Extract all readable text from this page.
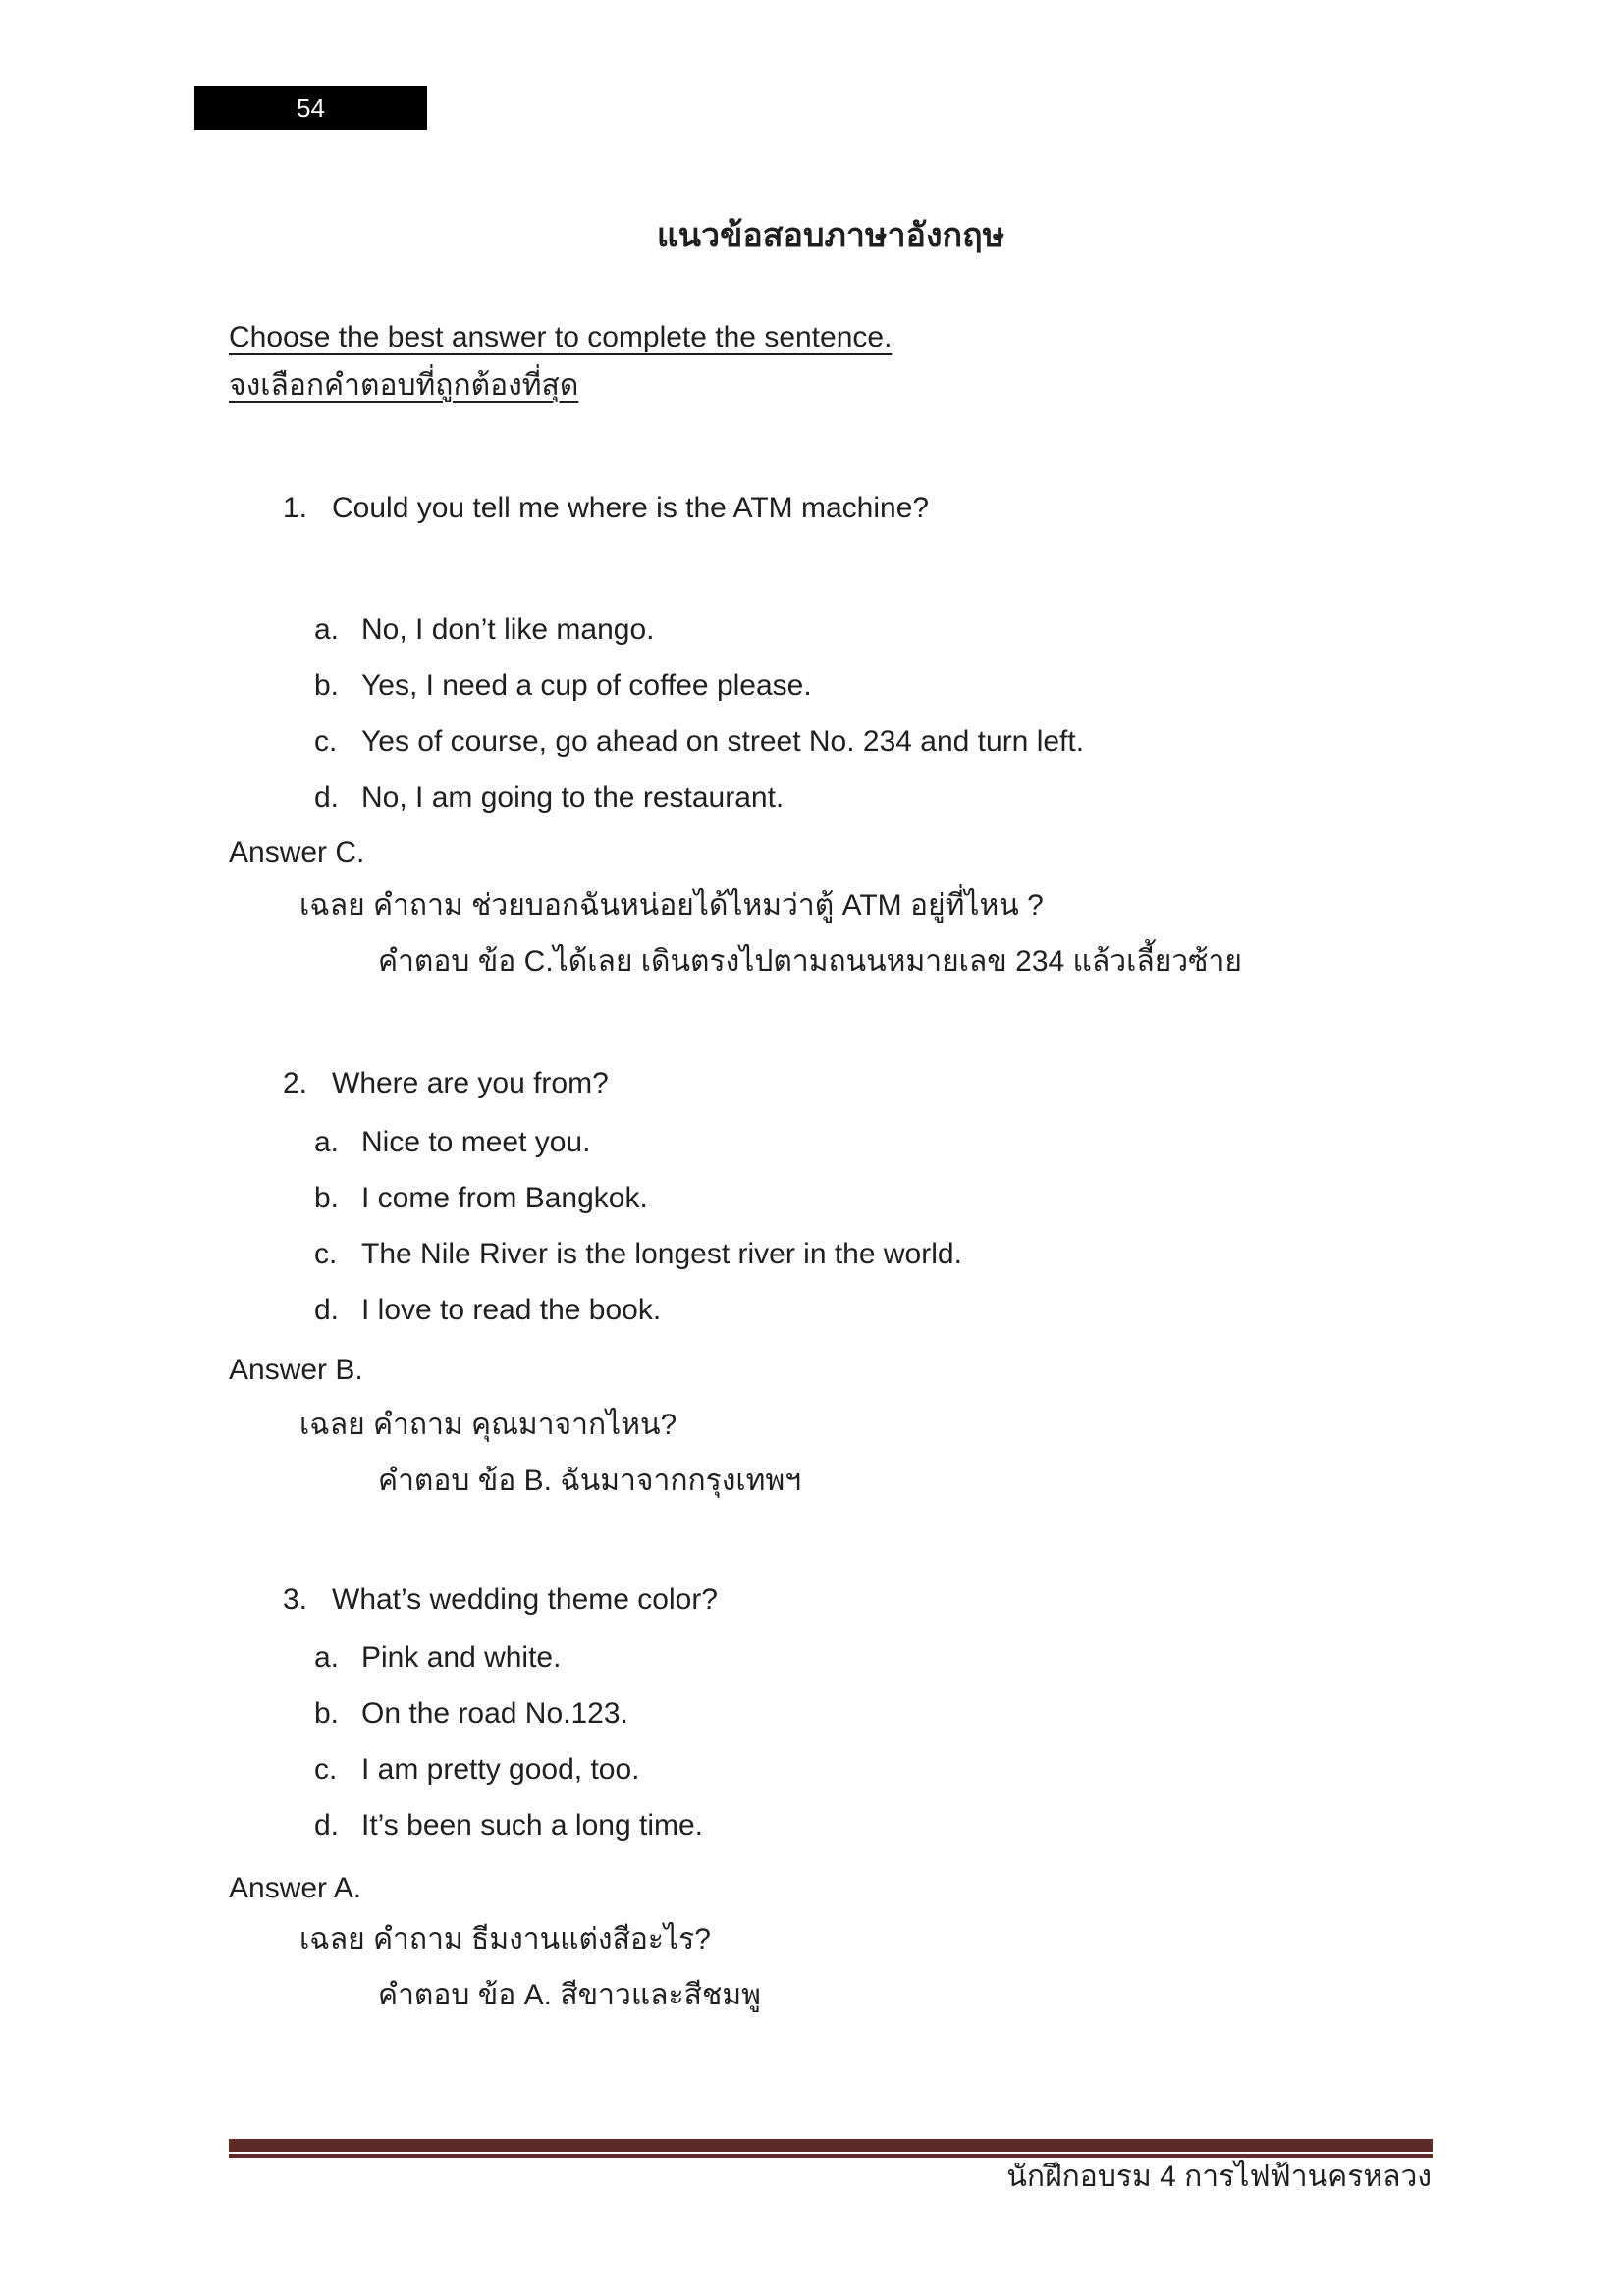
54
แนวข้อสอบภาษาอังกฤษ
Choose the best answer to complete the sentence.
จงเลือกคำตอบที่ถูกต้องที่สุด
1. Could you tell me where is the ATM machine?
a. No, I don’t like mango.
b. Yes, I need a cup of coffee please.
c. Yes of course, go ahead on street No. 234 and turn left.
d. No, I am going to the restaurant.
Answer C.
เฉลย คำถาม ช่วยบอกฉันหน่อยได้ไหมว่าตู้ ATM อยู่ที่ไหน ?
คำตอบ ข้อ C.ได้เลย เดินตรงไปตามถนนหมายเลข 234 แล้วเลี้ยวซ้าย
2. Where are you from?
a. Nice to meet you.
b. I come from Bangkok.
c. The Nile River is the longest river in the world.
d. I love to read the book.
Answer B.
เฉลย คำถาม คุณมาจากไหน?
คำตอบ ข้อ B. ฉันมาจากกรุงเทพฯ
3. What’s wedding theme color?
a. Pink and white.
b. On the road No.123.
c. I am pretty good, too.
d. It’s been such a long time.
Answer A.
เฉลย คำถาม ธีมงานแต่งสีอะไร?
คำตอบ ข้อ A. สีขาวและสีชมพู
นักฝึกอบรม 4 การไฟฟ้านครหลวง
